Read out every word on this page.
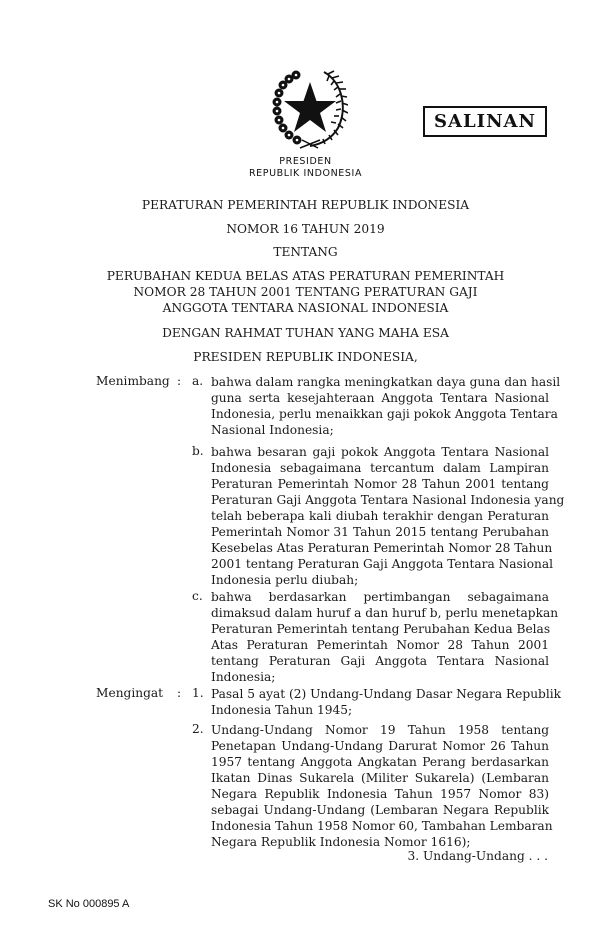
SALINAN
PRESIDEN
REPUBLIK INDONESIA
PERATURAN PEMERINTAH REPUBLIK INDONESIA
NOMOR 16 TAHUN 2019
TENTANG
PERUBAHAN KEDUA BELAS ATAS PERATURAN PEMERINTAH
NOMOR 28 TAHUN 2001 TENTANG PERATURAN GAJI
ANGGOTA TENTARA NASIONAL INDONESIA
DENGAN RAHMAT TUHAN YANG MAHA ESA
PRESIDEN REPUBLIK INDONESIA,
Menimbang : a. bahwa dalam rangka meningkatkan daya guna dan hasil
guna serta kesejahteraan Anggota Tentara Nasional
Indonesia, perlu menaikkan gaji pokok Anggota Tentara
Nasional Indonesia;
b. bahwa besaran gaji pokok Anggota Tentara Nasional
Indonesia sebagaimana tercantum dalam Lampiran
Peraturan Pemerintah Nomor 28 Tahun 2001 tentang
Peraturan Gaji Anggota Tentara Nasional Indonesia yang
telah beberapa kali diubah terakhir dengan Peraturan
Pemerintah Nomor 31 Tahun 2015 tentang Perubahan
Kesebelas Atas Peraturan Pemerintah Nomor 28 Tahun
2001 tentang Peraturan Gaji Anggota Tentara Nasional
Indonesia perlu diubah;
c. bahwa berdasarkan pertimbangan sebagaimana
dimaksud dalam huruf a dan huruf b, perlu menetapkan
Peraturan Pemerintah tentang Perubahan Kedua Belas
Atas Peraturan Pemerintah Nomor 28 Tahun 2001
tentang Peraturan Gaji Anggota Tentara Nasional
Indonesia;
Mengingat : 1. Pasal 5 ayat (2) Undang-Undang Dasar Negara Republik
Indonesia Tahun 1945;
2. Undang-Undang Nomor 19 Tahun 1958 tentang
Penetapan Undang-Undang Darurat Nomor 26 Tahun
1957 tentang Anggota Angkatan Perang berdasarkan
Ikatan Dinas Sukarela (Militer Sukarela) (Lembaran
Negara Republik Indonesia Tahun 1957 Nomor 83)
sebagai Undang-Undang (Lembaran Negara Republik
Indonesia Tahun 1958 Nomor 60, Tambahan Lembaran
Negara Republik Indonesia Nomor 1616);
3. Undang-Undang . . .
SK No 000895 A
